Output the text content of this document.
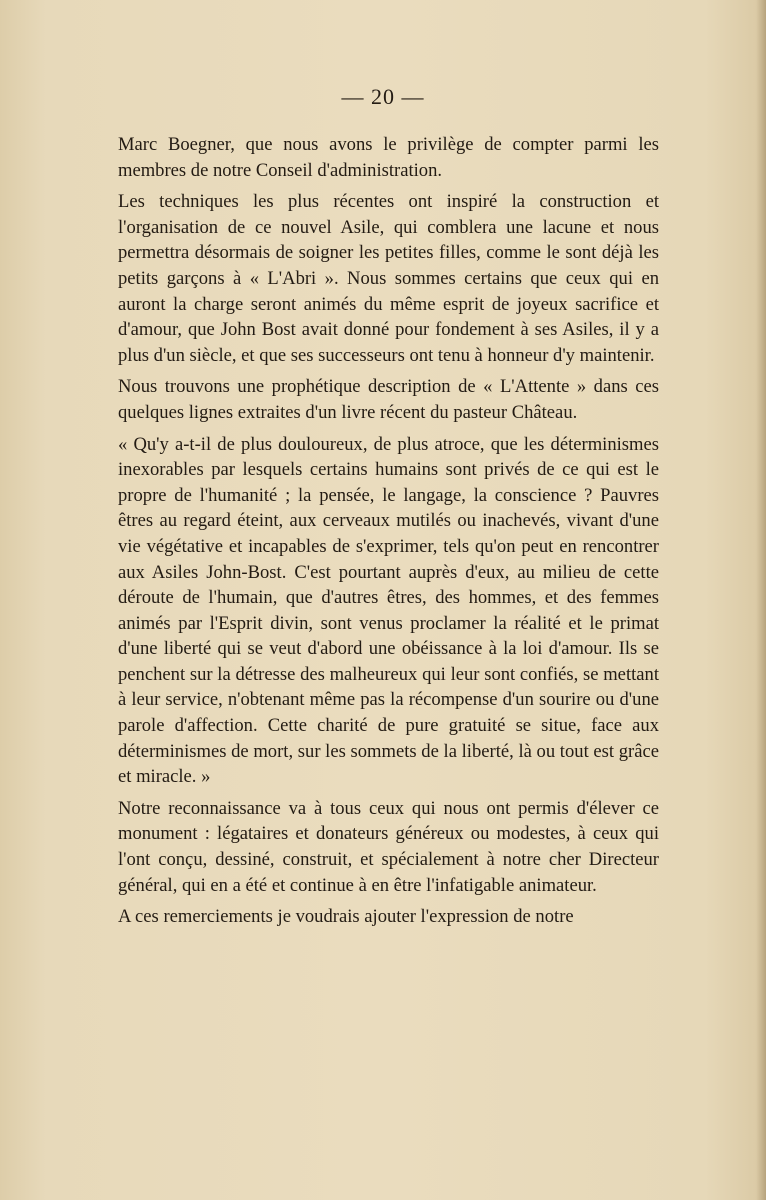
— 20 —

Marc Boegner, que nous avons le privilège de compter parmi les membres de notre Conseil d'administration.

Les techniques les plus récentes ont inspiré la construction et l'organisation de ce nouvel Asile, qui comblera une lacune et nous permettra désormais de soigner les petites filles, comme le sont déjà les petits garçons à « L'Abri ». Nous sommes certains que ceux qui en auront la charge seront animés du même esprit de joyeux sacrifice et d'amour, que John Bost avait donné pour fondement à ses Asiles, il y a plus d'un siècle, et que ses successeurs ont tenu à honneur d'y maintenir.

Nous trouvons une prophétique description de « L'Attente » dans ces quelques lignes extraites d'un livre récent du pasteur Château.

« Qu'y a-t-il de plus douloureux, de plus atroce, que les déterminismes inexorables par lesquels certains humains sont privés de ce qui est le propre de l'humanité ; la pensée, le langage, la conscience ? Pauvres êtres au regard éteint, aux cerveaux mutilés ou inachevés, vivant d'une vie végétative et incapables de s'exprimer, tels qu'on peut en rencontrer aux Asiles John-Bost. C'est pourtant auprès d'eux, au milieu de cette déroute de l'humain, que d'autres êtres, des hommes, et des femmes animés par l'Esprit divin, sont venus proclamer la réalité et le primat d'une liberté qui se veut d'abord une obéissance à la loi d'amour. Ils se penchent sur la détresse des malheureux qui leur sont confiés, se mettant à leur service, n'obtenant même pas la récompense d'un sourire ou d'une parole d'affection. Cette charité de pure gratuité se situe, face aux déterminismes de mort, sur les sommets de la liberté, là ou tout est grâce et miracle. »

Notre reconnaissance va à tous ceux qui nous ont permis d'élever ce monument : légataires et donateurs généreux ou modestes, à ceux qui l'ont conçu, dessiné, construit, et spécialement à notre cher Directeur général, qui en a été et continue à en être l'infatigable animateur.

A ces remerciements je voudrais ajouter l'expression de notre
